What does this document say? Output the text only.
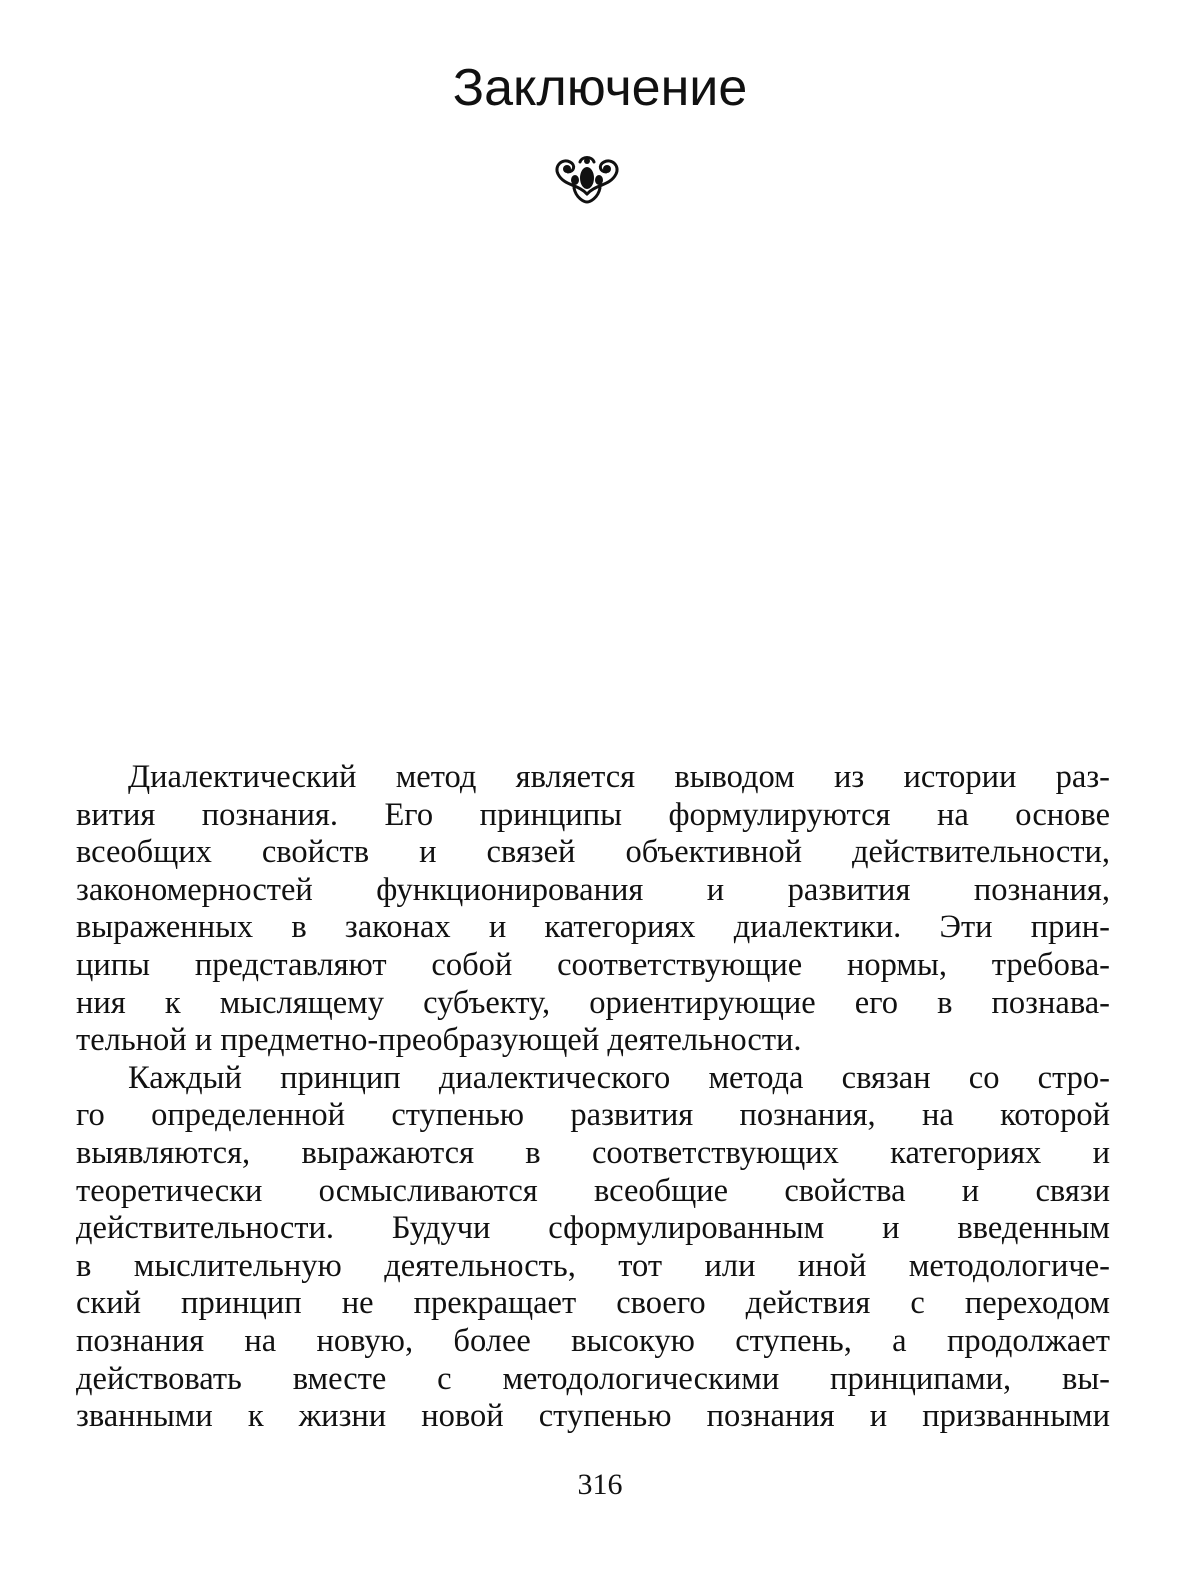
Заключение
Диалектический метод является выводом из истории раз-
вития познания. Его принципы формулируются на основе
всеобщих свойств и связей объективной действительности,
закономерностей функционирования и развития познания,
выраженных в законах и категориях диалектики. Эти прин-
ципы представляют собой соответствующие нормы, требова-
ния к мыслящему субъекту, ориентирующие его в познава-
тельной и предметно-преобразующей деятельности.
Каждый принцип диалектического метода связан со стро-
го определенной ступенью развития познания, на которой
выявляются, выражаются в соответствующих категориях и
теоретически осмысливаются всеобщие свойства и связи
действительности. Будучи сформулированным и введенным
в мыслительную деятельность, тот или иной методологиче-
ский принцип не прекращает своего действия с переходом
познания на новую, более высокую ступень, а продолжает
действовать вместе с методологическими принципами, вы-
званными к жизни новой ступенью познания и призванными
316
